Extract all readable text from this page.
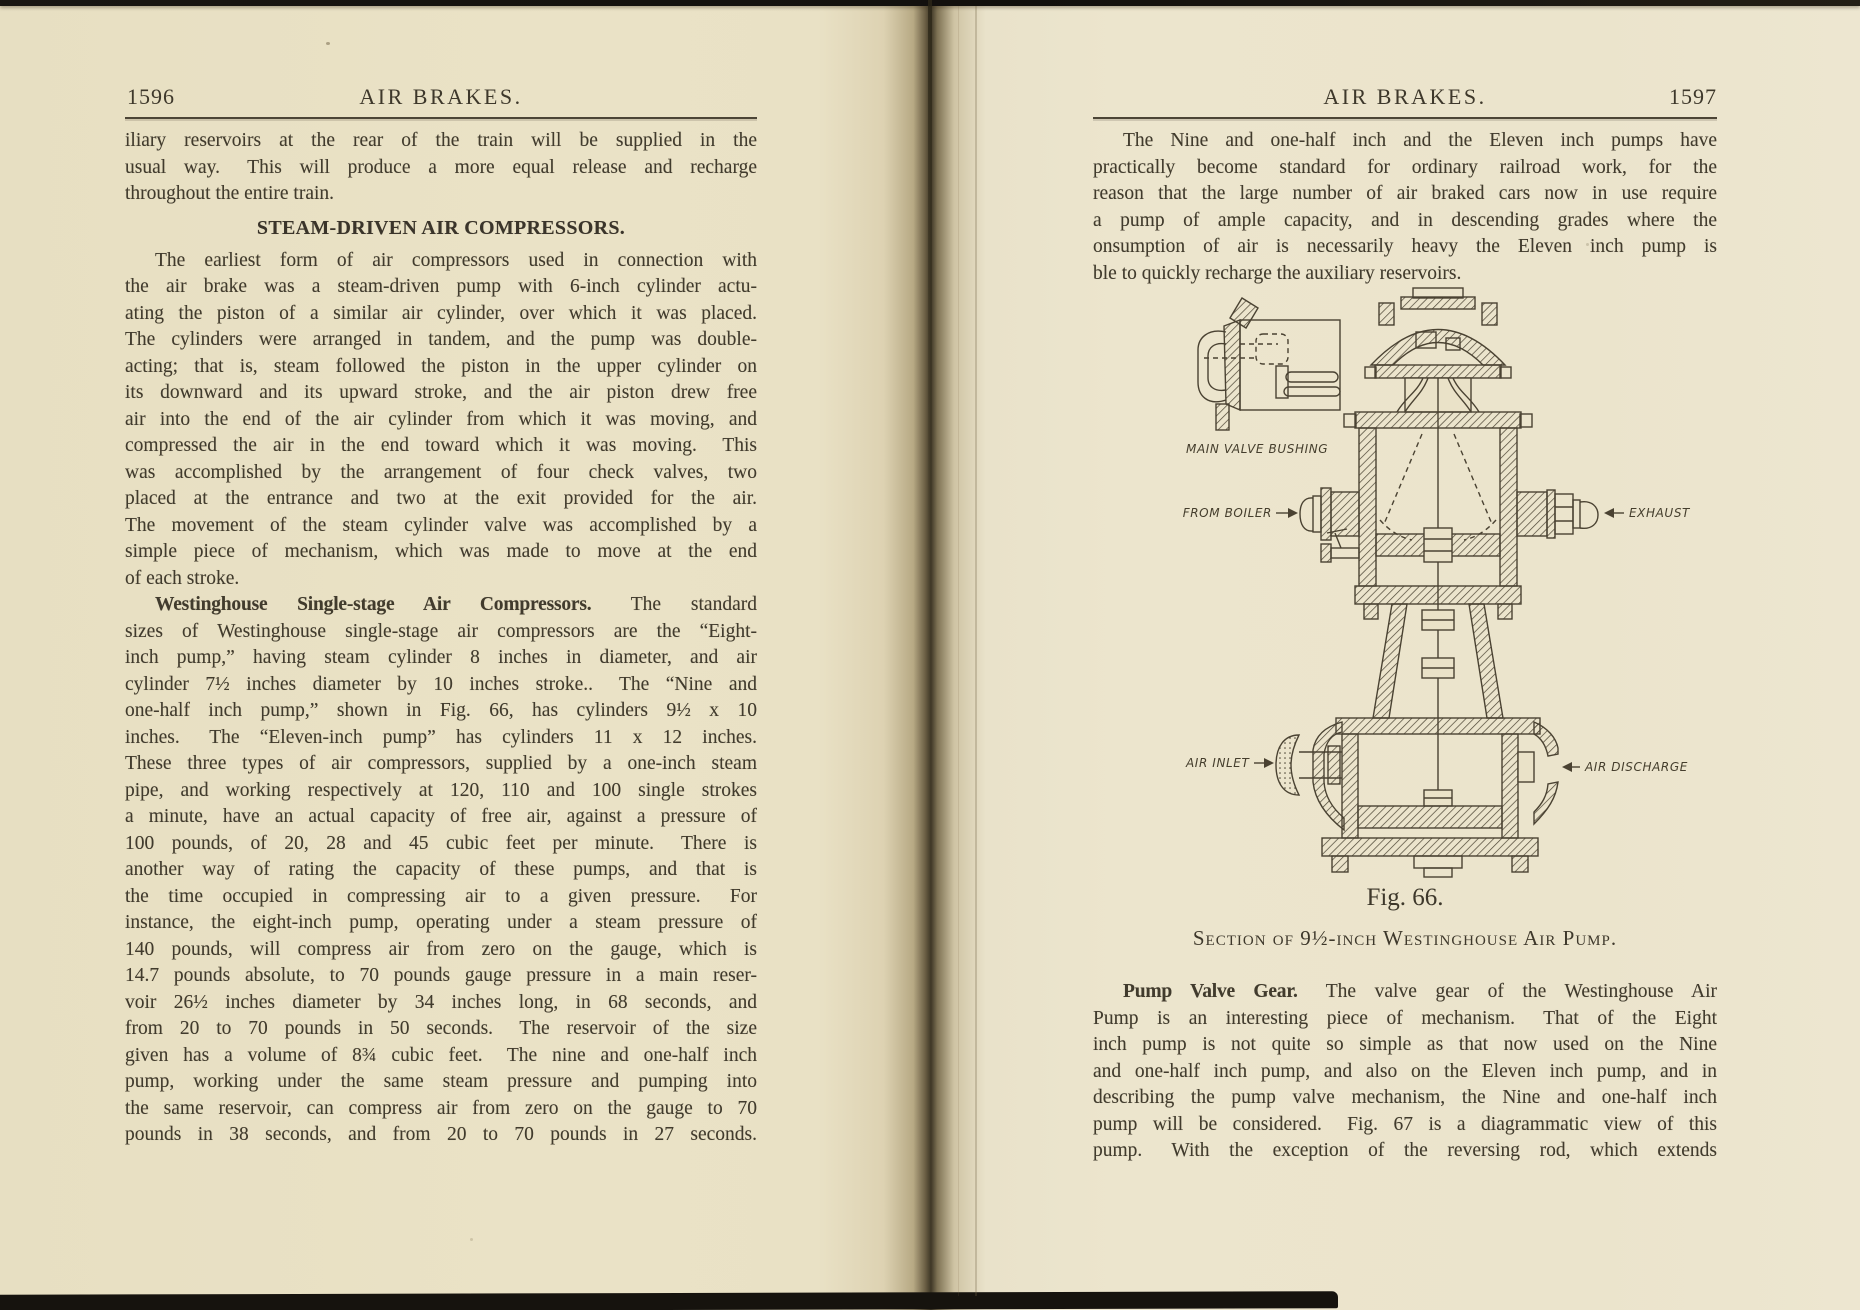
1596	AIR BRAKES.
iliary reservoirs at the rear of the train will be supplied in the
usual way.  This will produce a more equal release and recharge
throughout the entire train.
STEAM-DRIVEN AIR COMPRESSORS.
The earliest form of air compressors used in connection with
the air brake was a steam-driven pump with 6-inch cylinder actu-
ating the piston of a similar air cylinder, over which it was placed.
The cylinders were arranged in tandem, and the pump was double-
acting; that is, steam followed the piston in the upper cylinder on
its downward and its upward stroke, and the air piston drew free
air into the end of the air cylinder from which it was moving, and
compressed the air in the end toward which it was moving.  This
was accomplished by the arrangement of four check valves, two
placed at the entrance and two at the exit provided for the air.
The movement of the steam cylinder valve was accomplished by a
simple piece of mechanism, which was made to move at the end
of each stroke.
Westinghouse Single-stage Air Compressors.  The standard
sizes of Westinghouse single-stage air compressors are the “Eight-
inch pump,” having steam cylinder 8 inches in diameter, and air
cylinder 7½ inches diameter by 10 inches stroke..  The “Nine and
one-half inch pump,” shown in Fig. 66, has cylinders 9½ x 10
inches.  The “Eleven-inch pump” has cylinders 11 x 12 inches.
These three types of air compressors, supplied by a one-inch steam
pipe, and working respectively at 120, 110 and 100 single strokes
a minute, have an actual capacity of free air, against a pressure of
100 pounds, of 20, 28 and 45 cubic feet per minute.  There is
another way of rating the capacity of these pumps, and that is
the time occupied in compressing air to a given pressure.  For
instance, the eight-inch pump, operating under a steam pressure of
140 pounds, will compress air from zero on the gauge, which is
14.7 pounds absolute, to 70 pounds gauge pressure in a main reser-
voir 26½ inches diameter by 34 inches long, in 68 seconds, and
from 20 to 70 pounds in 50 seconds.  The reservoir of the size
given has a volume of 8¾ cubic feet.  The nine and one-half inch
pump, working under the same steam pressure and pumping into
the same reservoir, can compress air from zero on the gauge to 70
pounds in 38 seconds, and from 20 to 70 pounds in 27 seconds.
AIR BRAKES.	1597
The Nine and one-half inch and the Eleven inch pumps have
practically become standard for ordinary railroad work, for the
reason that the large number of air braked cars now in use require
a pump of ample capacity, and in descending grades where the
onsumption of air is necessarily heavy the Eleven inch pump is
ble to quickly recharge the auxiliary reservoirs.
MAIN VALVE BUSHING
FROM BOILER	EXHAUST
AIR INLET	AIR DISCHARGE
Fig. 66.
Section of 9½-inch Westinghouse Air Pump.
Pump Valve Gear.  The valve gear of the Westinghouse Air
Pump is an interesting piece of mechanism.  That of the Eight
inch pump is not quite so simple as that now used on the Nine
and one-half inch pump, and also on the Eleven inch pump, and in
describing the pump valve mechanism, the Nine and one-half inch
pump will be considered.  Fig. 67 is a diagrammatic view of this
pump.  With the exception of the reversing rod, which extends
